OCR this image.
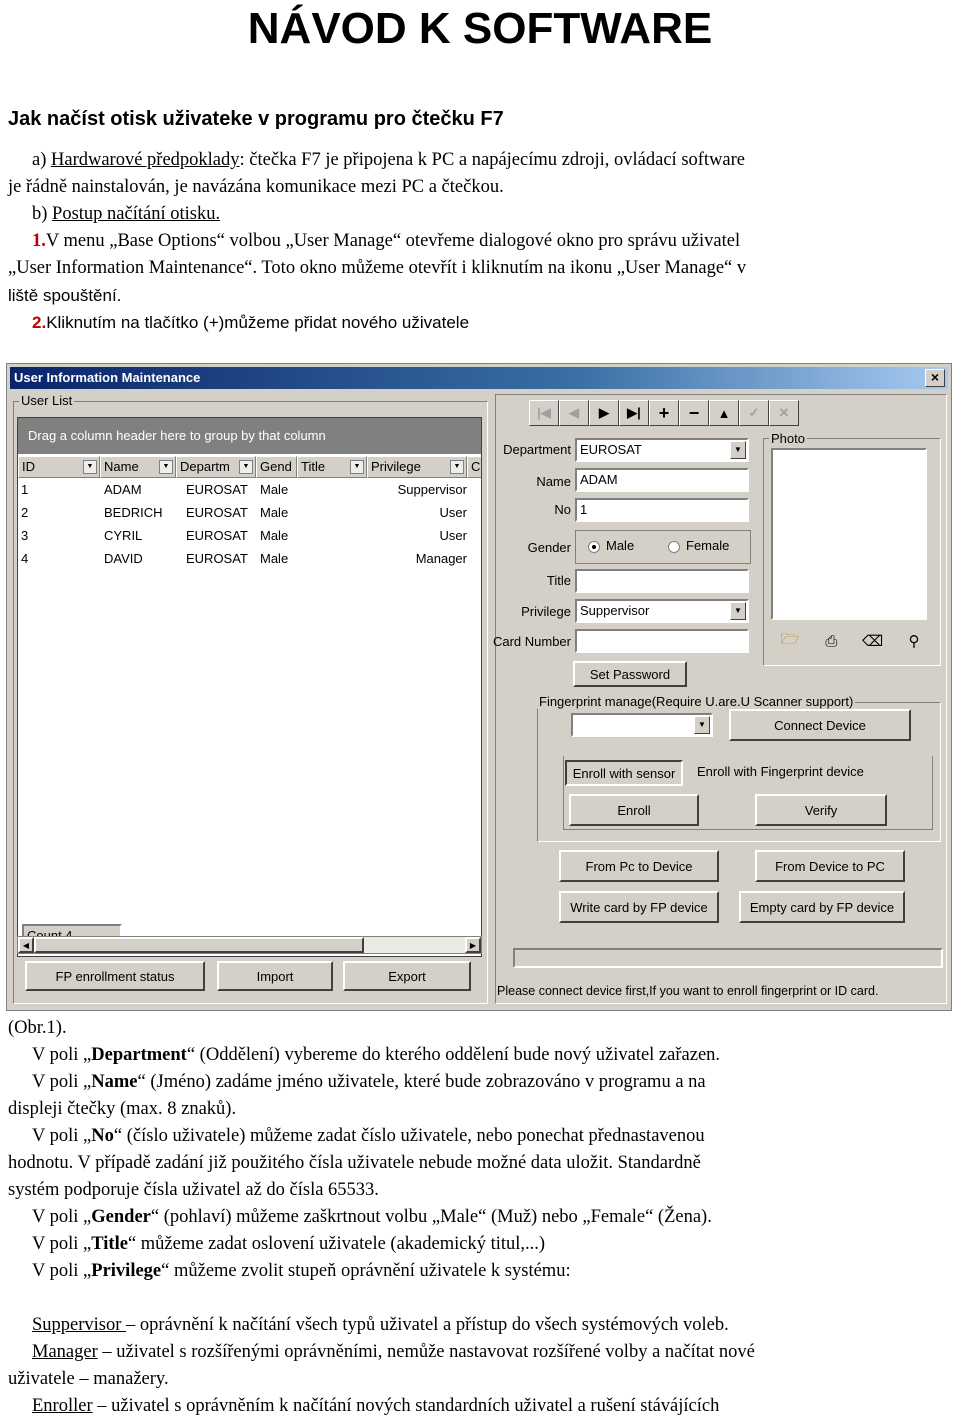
NÁVOD K SOFTWARE
Jak načíst otisk uživateke v programu pro čtečku F7

a) Hardwarové předpoklady: čtečka F7 je připojena k PC a napájecímu zdroji, ovládací software

je řádně nainstalován, je navázána komunikace mezi PC a čtečkou.

b) Postup načítání otisku.

1.V menu „Base Options“ volbou „User Manage“ otevřeme dialogové okno pro správu uživatel

„User Information Maintenance“. Toto okno můžeme otevřít i kliknutím na ikonu „User Manage“ v

liště spouštění.

2.Kliknutím na tlačítko (+)můžeme přidat nového uživatele

User Information Maintenance	×
User List
Drag a column header here to group by that column
ID	▼ Name	▼ Departm	▼ Gend Title	▼ Privilege	▼ C
1	ADAM	EUROSAT Male	Suppervisor
2	BEDRICH EUROSAT Male	User
3	CYRIL	EUROSAT Male	User
4	DAVID	EUROSAT Male	Manager
◀	▶
FP enrollment status	Import	Export
|◀	◀	▶	▶| +	−	▲	✓	✕
Department EUROSAT	▼
Name ADAM
No 1
Gender	Male	Female
Title
Privilege Suppervisor	▼
Card Number
Set Password
Photo
🗁	⎙	⌫	⚲
Fingerprint manage(Require U.are.U Scanner support)
▼	Connect Device
Enroll with sensor	Enroll with Fingerprint device
Enroll	Verify
From Pc to Device	From Device to PC
Write card by FP device	Empty card by FP device
Please connect device first,If you want to enroll fingerprint or ID card.

(Obr.1).

V poli „Department“ (Oddělení) vybereme do kterého oddělení bude nový uživatel zařazen.

V poli „Name“ (Jméno) zadáme jméno uživatele, které bude zobrazováno v programu a na

displeji čtečky (max. 8 znaků).

V poli „No“ (číslo uživatele) můžeme zadat číslo uživatele, nebo ponechat přednastavenou

hodnotu. V případě zadání již použitého čísla uživatele nebude možné data uložit. Standardně

systém podporuje čísla uživatel až do čísla 65533.

V poli „Gender“ (pohlaví) můžeme zaškrtnout volbu „Male“ (Muž) nebo „Female“ (Žena).

V poli „Title“ můžeme zadat oslovení uživatele (akademický titul,...)

V poli „Privilege“ můžeme zvolit stupeň oprávnění uživatele k systému:

Suppervisor – oprávnění k načítání všech typů uživatel a přístup do všech systémových voleb.

Manager – uživatel s rozšířenými oprávněními, nemůže nastavovat rozšířené volby a načítat nové

uživatele – manažery.

Enroller – uživatel s oprávněním k načítání nových standardních uživatel a rušení stávájících
